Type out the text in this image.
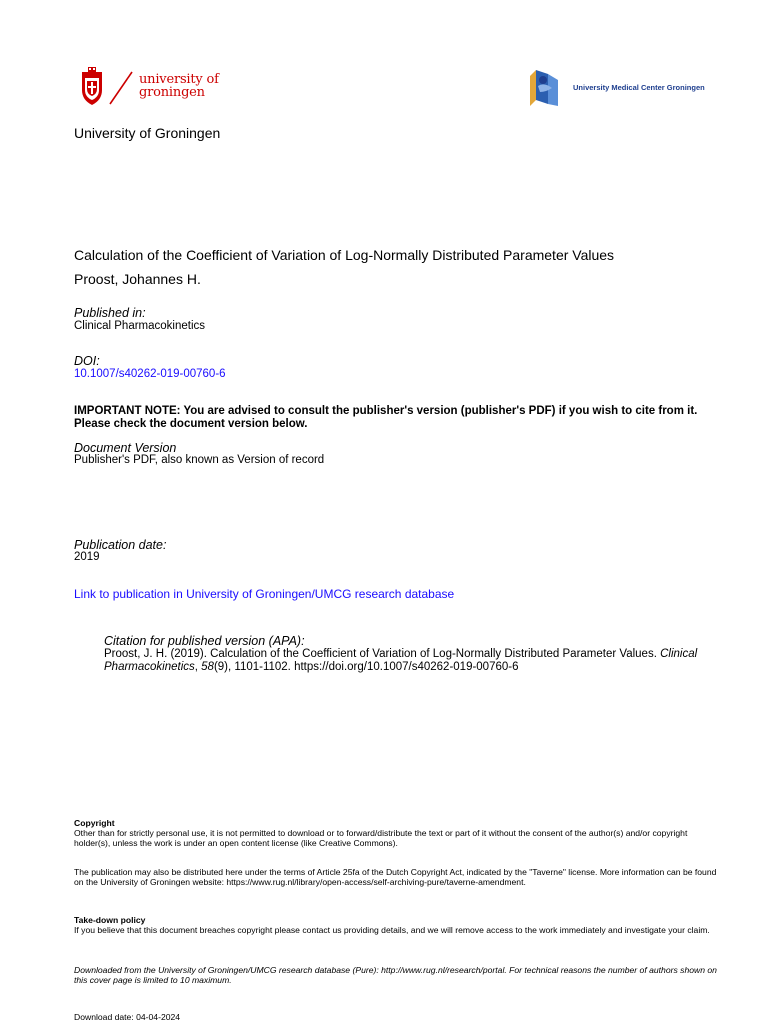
university of
groningen	University Medical Center Groningen
University of Groningen
Calculation of the Coefficient of Variation of Log-Normally Distributed Parameter Values
Proost, Johannes H.
Published in:
Clinical Pharmacokinetics
DOI:
10.1007/s40262-019-00760-6
IMPORTANT NOTE: You are advised to consult the publisher's version (publisher's PDF) if you wish to cite from it. Please check the document version below.
Document Version
Publisher's PDF, also known as Version of record
Publication date:
2019
Link to publication in University of Groningen/UMCG research database
Citation for published version (APA):
Proost, J. H. (2019). Calculation of the Coefficient of Variation of Log-Normally Distributed Parameter Values. Clinical Pharmacokinetics, 58(9), 1101-1102. https://doi.org/10.1007/s40262-019-00760-6
Copyright
Other than for strictly personal use, it is not permitted to download or to forward/distribute the text or part of it without the consent of the author(s) and/or copyright holder(s), unless the work is under an open content license (like Creative Commons).
The publication may also be distributed here under the terms of Article 25fa of the Dutch Copyright Act, indicated by the "Taverne" license. More information can be found on the University of Groningen website: https://www.rug.nl/library/open-access/self-archiving-pure/taverne-amendment.
Take-down policy
If you believe that this document breaches copyright please contact us providing details, and we will remove access to the work immediately and investigate your claim.
Downloaded from the University of Groningen/UMCG research database (Pure): http://www.rug.nl/research/portal. For technical reasons the number of authors shown on this cover page is limited to 10 maximum.
Download date: 04-04-2024
